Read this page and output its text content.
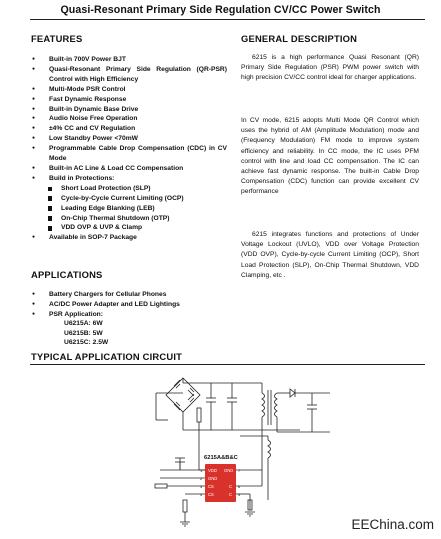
Quasi-Resonant Primary Side Regulation CV/CC Power Switch
FEATURES
● Built-in 700V Power BJT
● Quasi-Resonant Primary Side Regulation (QR-PSR) Control with High Efficiency
● Multi-Mode PSR Control
● Fast Dynamic Response
● Built-in Dynamic Base Drive
● Audio Noise Free Operation
● ±4% CC and CV Regulation
● Low Standby Power <70mW
● Programmable Cable Drop Compensation (CDC) in CV Mode
● Built-in AC Line & Load CC Compensation
● Build in Protections:
Short Load Protection (SLP)
Cycle-by-Cycle Current Limiting (OCP)
Leading Edge Blanking (LEB)
On-Chip Thermal Shutdown (OTP)
VDD OVP & UVP & Clamp
● Available in SOP-7 Package
GENERAL DESCRIPTION
6215 is a high performance Quasi Resonant (QR) Primary Side Regulation (PSR) PWM power switch with high precision CV/CC control ideal for charger applications.
In CV mode, 6215 adopts Multi Mode QR Control which uses the hybrid of AM (Amplitude Modulation) mode and (Frequency Modulation) FM mode to improve system efficiency and reliability. In CC mode, the IC uses PFM control with line and load CC compensation. The IC can achieve fast dynamic response. The built-in Cable Drop Compensation (CDC) function can provide excellent CV performance
6215 integrates functions and protections of Under Voltage Lockout (UVLO), VDD over Voltage Protection (VDD OVP), Cycle-by-cycle Current Limiting (OCP), Short Load Protection (SLP), On-Chip Thermal Shutdown, VDD Clamping, etc .
APPLICATIONS
● Battery Chargers for Cellular Phones
● AC/DC Power Adapter and LED Lightings
● PSR Application:
U6215A: 6W
U6215B: 5W
U6215C: 2.5W
TYPICAL APPLICATION CIRCUIT
VDD
GND
CS
CS
GND
C
C
1
2
3
4
7
6
5
6215A&B&C
EEChina.com
